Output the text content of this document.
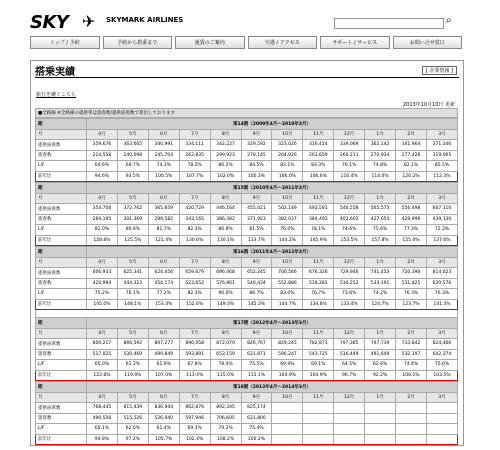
SKY ✈ SKYMARK AIRLINES	⌕
トップ / 予約	予約から搭乗まで	運賃のご案内	空港 / アクセス	サポート / サービス	お問い合せ窓口
搭乗実績	[ 企業情報 ]
旅行を継ぐこちら
2013年10月10日 更新
■全路線 ※全路線の提供率は旅客数/提供座席数で算出しております
期	第14期（2009年4月〜2010年3月）											
月	4月	5月	6月	7月	8月	9月	10月	11月	12月	1月	2月	3月
提供座席数	359,676	363,665	340,991	334,111	342,227	329,592	323,026	316,414	339,069	362,142	341,964	371,346
旅客数	224,558	240,098	245,704	262,835	299,923	278,145	264,926	263,659	260,211	270,934	277,426	319,065
L/F	64.6%	69.7%	74.3%	78.2%	86.2%	84.5%	82.1%	83.3%	76.1%	74.8%	82.1%	85.5%
前年比	94.6%	93.5%	100.5%	107.7%	102.0%	100.3%	106.0%	106.6%	110.4%	114.0%	120.2%	112.3%
期	第15期（2010年4月〜2011年3月）											
月	4月	5月	6月	7月	8月	9月	10月	11月	12月	1月	2月	3月
提供座席数	354,708	372,762	365,859	420,729	446,164	455,421	502,149	492,591	540,558	565,575	556,498	607,110
旅客数	269,195	301,369	299,582	343,165	386,382	371,923	382,037	384,493	403,602	427,654	429,996	439,130
L/F	81.0%	80.9%	81.7%	82.3%	86.9%	81.5%	76.0%	78.1%	74.6%	75.6%	77.3%	72.3%
前年比	128.8%	125.5%	121.4%	130.6%	130.1%	133.7%	144.2%	145.9%	153.5%	157.8%	155.0%	137.6%
期	第16期（2011年4月〜2012年3月）											
月	4月	5月	6月	7月	8月	9月	10月	11月	12月	1月	2月	3月
提供座席数	606,933	625,341	624,456	659,679	696,468	652,245	700,566	676,326	729,946	741,453	720,390	814,023
旅客数	420,994	444,323	454,174	523,652	576,861	540,434	552,886	518,281	534,252	533,191	531,825	620,576
L/F	75.2%	76.1%	77.2%	82.3%	90.0%	86.7%	83.0%	76.7%	73.6%	74.2%	76.3%	76.3%
前年比	145.0%	148.1%	153.4%	152.6%	149.3%	145.3%	144.7%	134.8%	133.4%	124.7%	123.7%	141.3%
期	第17期（2012年4月〜2013年3月）											
月	4月	5月	6月	7月	8月	9月	10月	11月	12月	1月	2月	3月
提供座席数	800,217	866,592	807,277	896,058	872,079	826,767	829,245	782,871	797,385	797,739	733,842	824,466
旅客数	517,025	530,469	499,849	593,891	653,159	621,871	590,247	543,725	516,449	491,649	532,197	642,374
L/F	65.0%	61.2%	61.9%	67.8%	78.4%	75.5%	69.9%	69.1%	64.5%	62.6%	74.4%	75.6%
前年比	122.8%	119.9%	107.0%	113.4%	115.0%	115.1%	104.9%	104.9%	96.7%	92.2%	100.1%	103.5%
期	第18期（2013年4月〜2014年3月）											
月	4月	5月	6月	7月	8月	9月	10月	11月	12月	1月	2月	3月
提供座席数	768,445	815,439	836,944	862,876	892,345	825,174						
旅客数	490,556	515,526	526,940	597,946	706,605	621,800						
L/F	65.1%	62.6%	61.4%	69.3%	79.2%	75.4%						
前年比	94.8%	97.2%	105.7%	102.4%	108.2%	100.2%						
